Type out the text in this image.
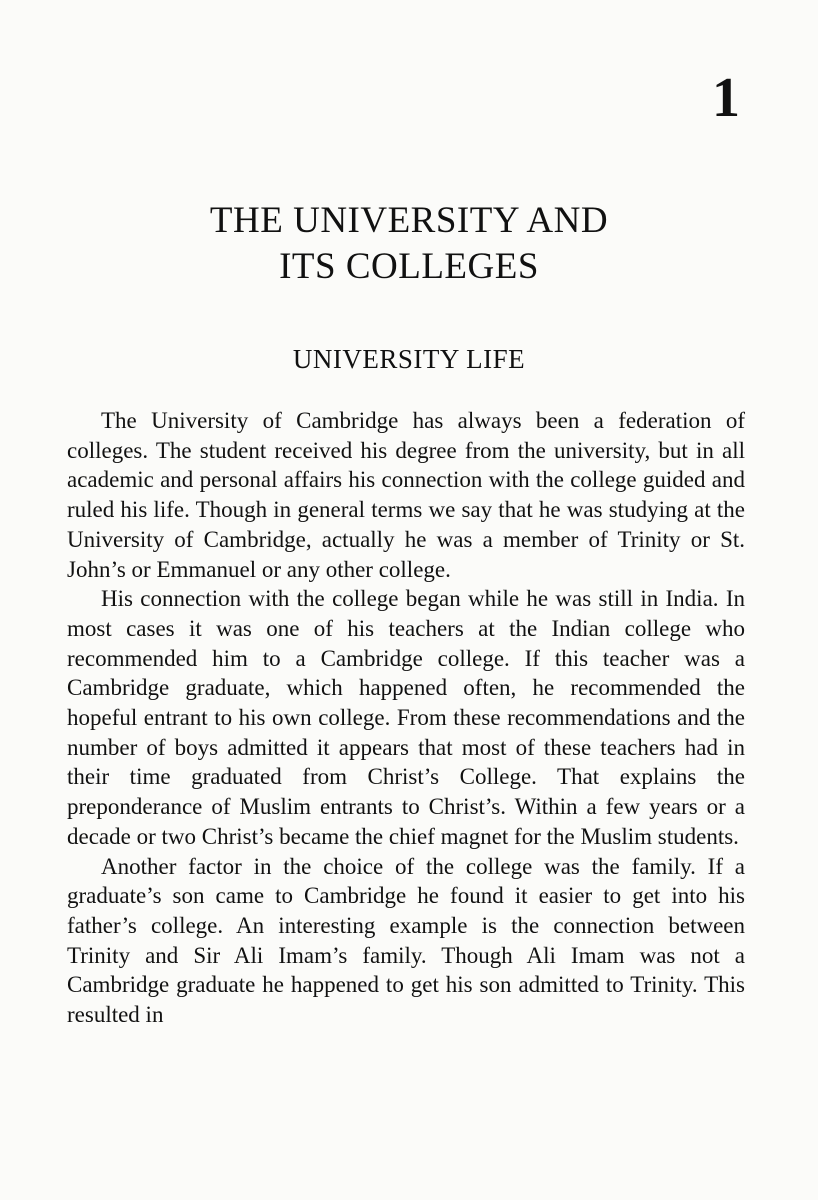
1
THE UNIVERSITY AND
ITS COLLEGES
UNIVERSITY LIFE

The University of Cambridge has always been a federation of colleges. The student received his degree from the university, but in all academic and personal affairs his connection with the college guided and ruled his life. Though in general terms we say that he was studying at the University of Cambridge, actually he was a member of Trinity or St. John’s or Emmanuel or any other college.

His connection with the college began while he was still in India. In most cases it was one of his teachers at the Indian college who recommended him to a Cambridge college. If this teacher was a Cambridge graduate, which happened often, he recommended the hopeful entrant to his own college. From these recommendations and the number of boys admitted it appears that most of these teachers had in their time graduated from Christ’s College. That explains the preponderance of Muslim entrants to Christ’s. Within a few years or a decade or two Christ’s became the chief magnet for the Muslim students.

Another factor in the choice of the college was the family. If a graduate’s son came to Cambridge he found it easier to get into his father’s college. An interesting example is the connection between Trinity and Sir Ali Imam’s family. Though Ali Imam was not a Cambridge graduate he happened to get his son admitted to Trinity. This resulted in
